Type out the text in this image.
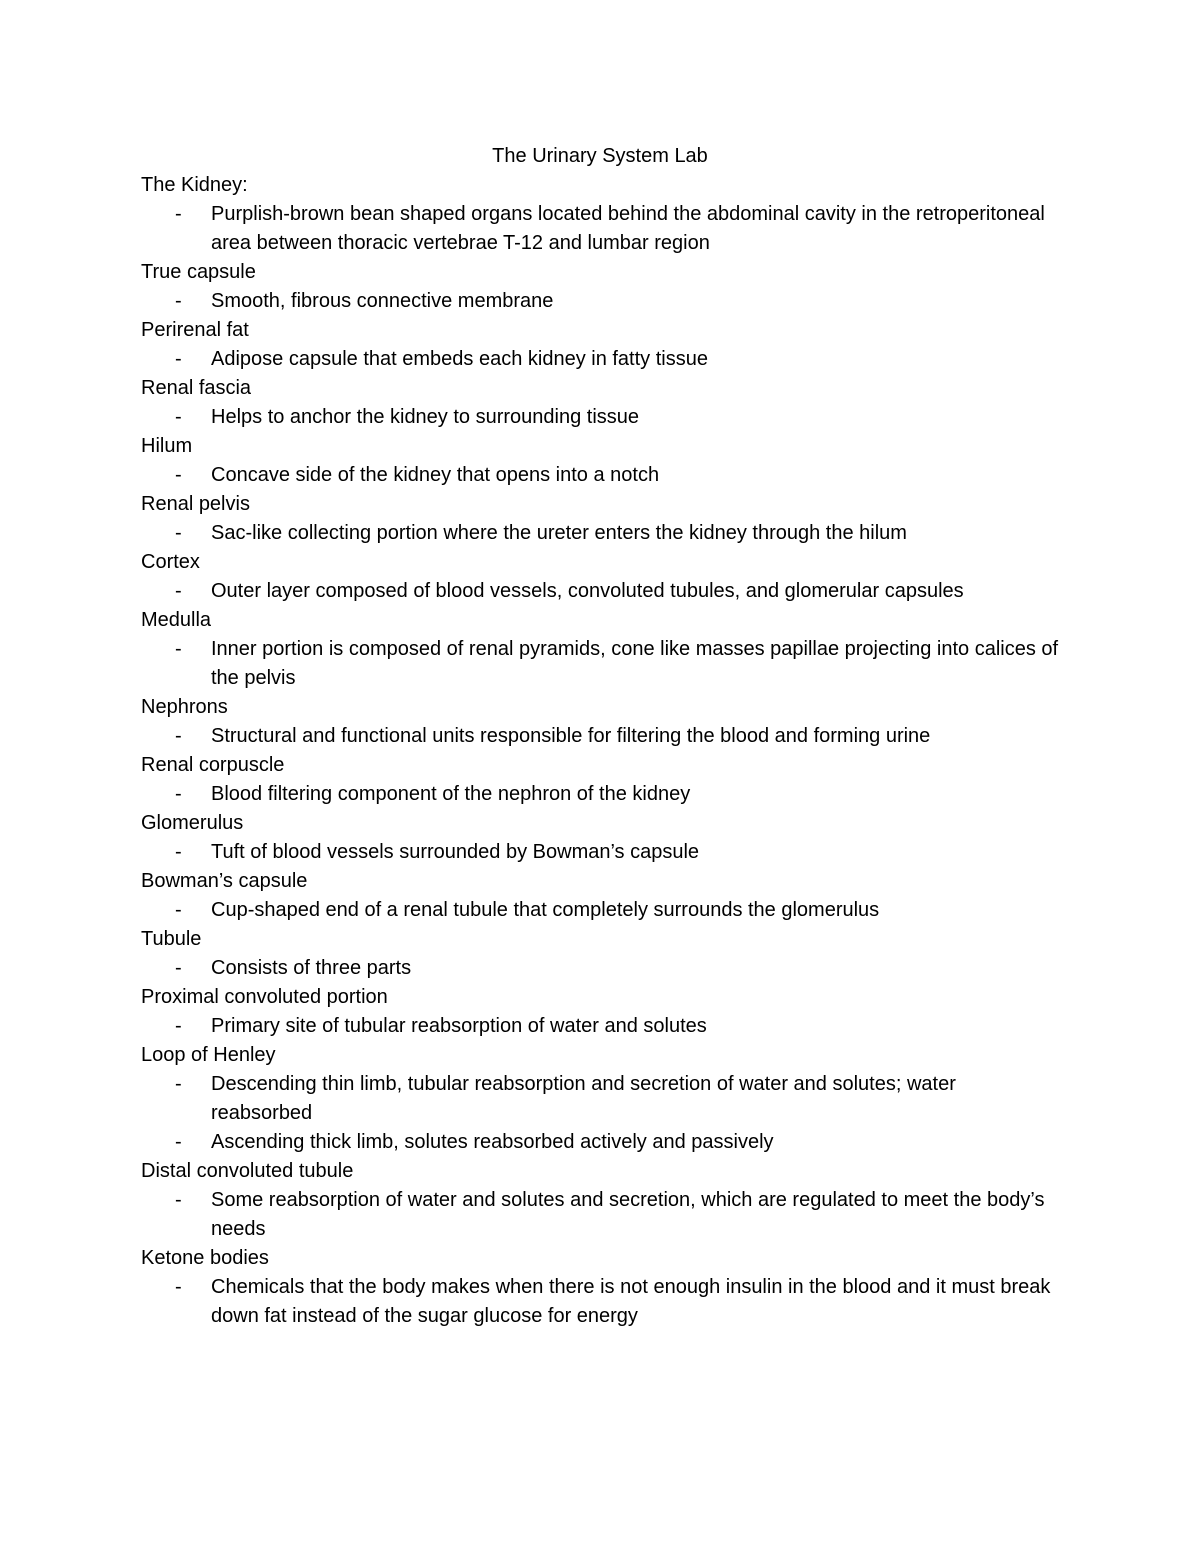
The Urinary System Lab
The Kidney:
- Purplish-brown bean shaped organs located behind the abdominal cavity in the retroperitoneal area between thoracic vertebrae T-12 and lumbar region
True capsule
- Smooth, fibrous connective membrane
Perirenal fat
- Adipose capsule that embeds each kidney in fatty tissue
Renal fascia
- Helps to anchor the kidney to surrounding tissue
Hilum
- Concave side of the kidney that opens into a notch
Renal pelvis
- Sac-like collecting portion where the ureter enters the kidney through the hilum
Cortex
- Outer layer composed of blood vessels, convoluted tubules, and glomerular capsules
Medulla
- Inner portion is composed of renal pyramids, cone like masses papillae projecting into calices of the pelvis
Nephrons
- Structural and functional units responsible for filtering the blood and forming urine
Renal corpuscle
- Blood filtering component of the nephron of the kidney
Glomerulus
- Tuft of blood vessels surrounded by Bowman’s capsule
Bowman’s capsule
- Cup-shaped end of a renal tubule that completely surrounds the glomerulus
Tubule
- Consists of three parts
Proximal convoluted portion
- Primary site of tubular reabsorption of water and solutes
Loop of Henley
- Descending thin limb, tubular reabsorption and secretion of water and solutes; water reabsorbed
- Ascending thick limb, solutes reabsorbed actively and passively
Distal convoluted tubule
- Some reabsorption of water and solutes and secretion, which are regulated to meet the body’s needs
Ketone bodies
- Chemicals that the body makes when there is not enough insulin in the blood and it must break down fat instead of the sugar glucose for energy
